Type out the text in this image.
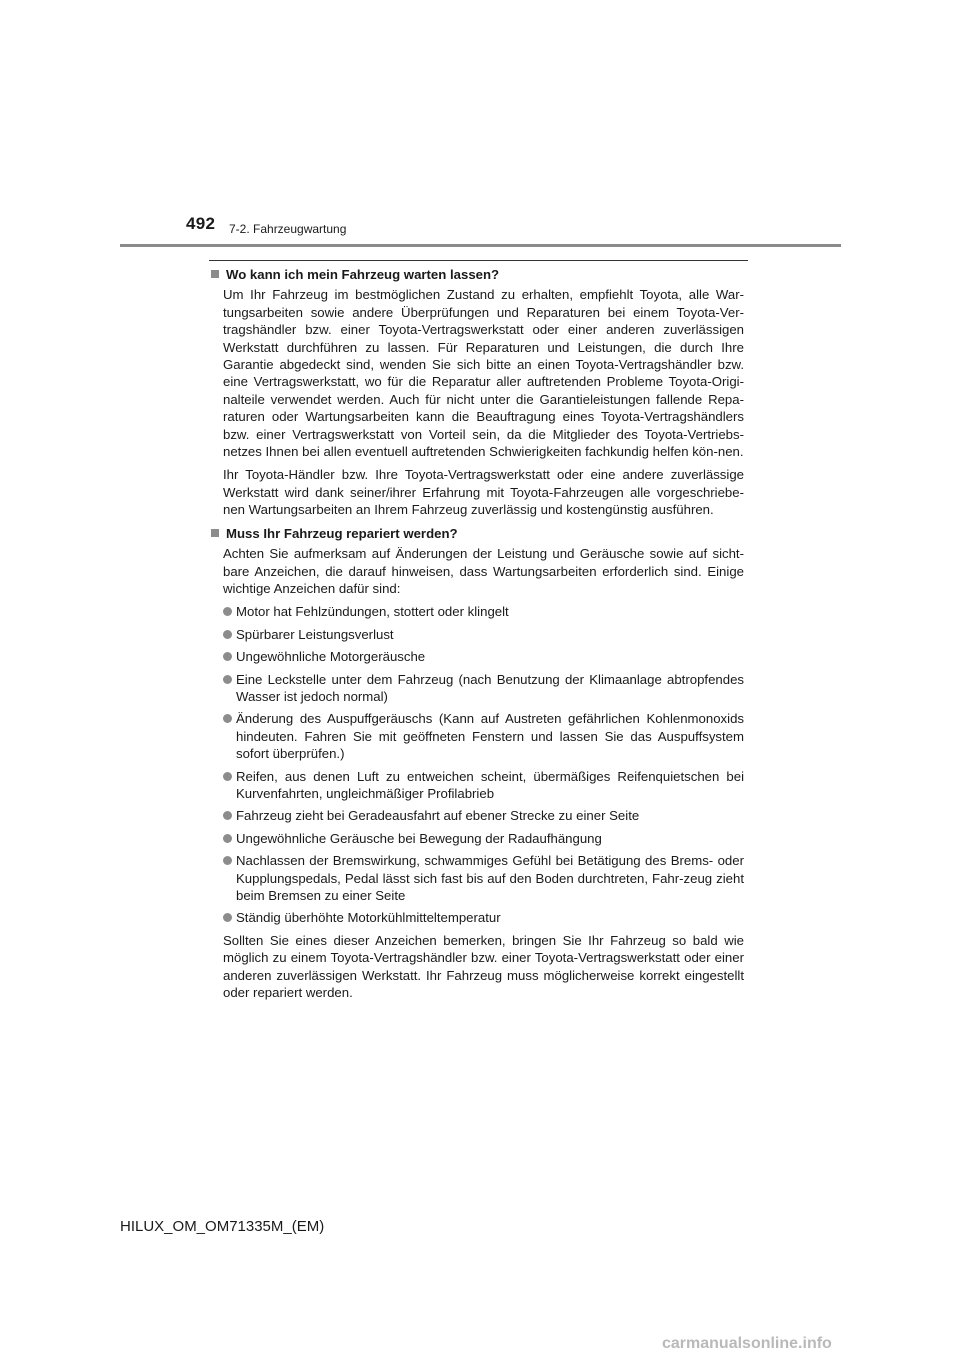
492 7-2. Fahrzeugwartung
Wo kann ich mein Fahrzeug warten lassen?

Um Ihr Fahrzeug im bestmöglichen Zustand zu erhalten, empfiehlt Toyota, alle War-tungsarbeiten sowie andere Überprüfungen und Reparaturen bei einem Toyota-Ver-tragshändler bzw. einer Toyota-Vertragswerkstatt oder einer anderen zuverlässigen Werkstatt durchführen zu lassen. Für Reparaturen und Leistungen, die durch Ihre Garantie abgedeckt sind, wenden Sie sich bitte an einen Toyota-Vertragshändler bzw. eine Vertragswerkstatt, wo für die Reparatur aller auftretenden Probleme Toyota-Origi-nalteile verwendet werden. Auch für nicht unter die Garantieleistungen fallende Repa-raturen oder Wartungsarbeiten kann die Beauftragung eines Toyota-Vertragshändlers bzw. einer Vertragswerkstatt von Vorteil sein, da die Mitglieder des Toyota-Vertriebs-netzes Ihnen bei allen eventuell auftretenden Schwierigkeiten fachkundig helfen kön-nen.

Ihr Toyota-Händler bzw. Ihre Toyota-Vertragswerkstatt oder eine andere zuverlässige Werkstatt wird dank seiner/ihrer Erfahrung mit Toyota-Fahrzeugen alle vorgeschriebe-nen Wartungsarbeiten an Ihrem Fahrzeug zuverlässig und kostengünstig ausführen.

Muss Ihr Fahrzeug repariert werden?

Achten Sie aufmerksam auf Änderungen der Leistung und Geräusche sowie auf sicht-bare Anzeichen, die darauf hinweisen, dass Wartungsarbeiten erforderlich sind. Einige wichtige Anzeichen dafür sind:

Motor hat Fehlzündungen, stottert oder klingelt
Spürbarer Leistungsverlust
Ungewöhnliche Motorgeräusche
Eine Leckstelle unter dem Fahrzeug (nach Benutzung der Klimaanlage abtropfendes Wasser ist jedoch normal)
Änderung des Auspuffgeräuschs (Kann auf Austreten gefährlichen Kohlenmonoxids hindeuten. Fahren Sie mit geöffneten Fenstern und lassen Sie das Auspuffsystem sofort überprüfen.)
Reifen, aus denen Luft zu entweichen scheint, übermäßiges Reifenquietschen bei Kurvenfahrten, ungleichmäßiger Profilabrieb
Fahrzeug zieht bei Geradeausfahrt auf ebener Strecke zu einer Seite
Ungewöhnliche Geräusche bei Bewegung der Radaufhängung
Nachlassen der Bremswirkung, schwammiges Gefühl bei Betätigung des Brems- oder Kupplungspedals, Pedal lässt sich fast bis auf den Boden durchtreten, Fahr-zeug zieht beim Bremsen zu einer Seite
Ständig überhöhte Motorkühlmitteltemperatur

Sollten Sie eines dieser Anzeichen bemerken, bringen Sie Ihr Fahrzeug so bald wie möglich zu einem Toyota-Vertragshändler bzw. einer Toyota-Vertragswerkstatt oder einer anderen zuverlässigen Werkstatt. Ihr Fahrzeug muss möglicherweise korrekt eingestellt oder repariert werden.

HILUX_OM_OM71335M_(EM)
carmanualsonline.info
